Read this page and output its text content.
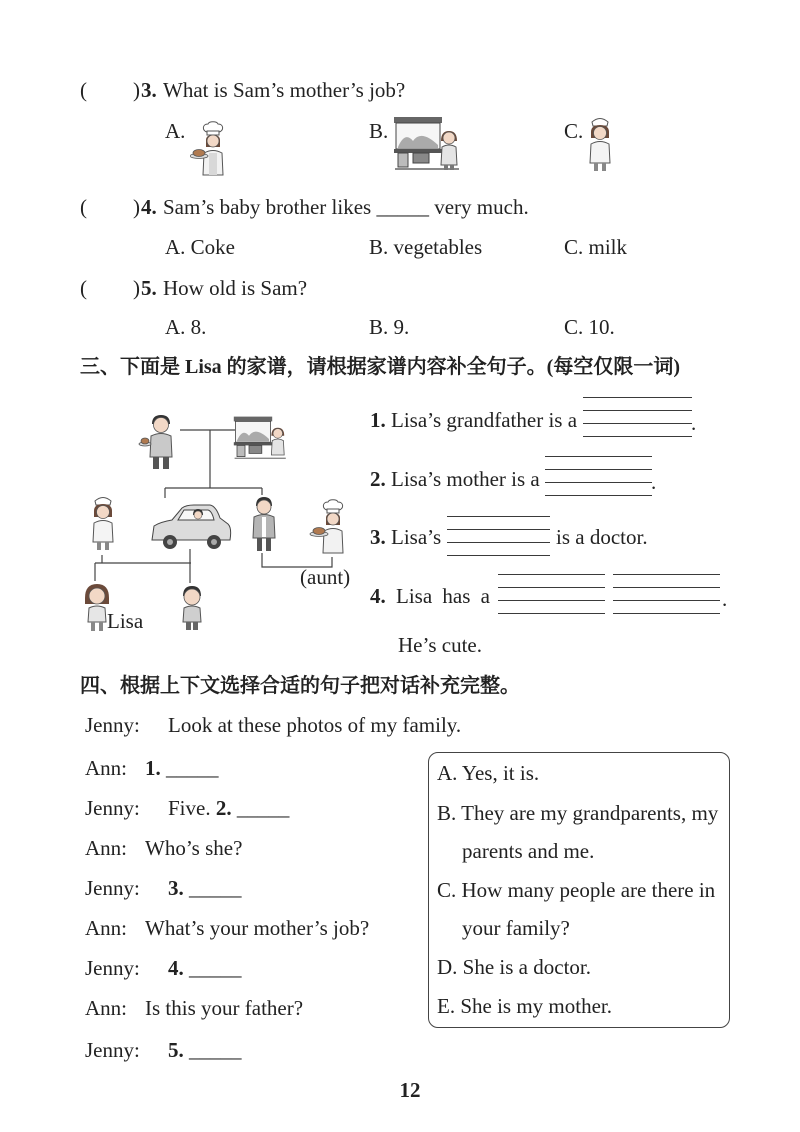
( ) 3. What is Sam’s mother’s job?
A.	B.	C.
( ) 4. Sam’s baby brother likes _____ very much.
A. Coke	B. vegetables	C. milk
( ) 5. How old is Sam?
A. 8.	B. 9.	C. 10.
三、下面是 Lisa 的家谱，请根据家谱内容补全句子。(每空仅限一词)
Lisa
(aunt)
1. Lisa’s grandfather is a	.
2. Lisa’s mother is a	.
3. Lisa’s	is a doctor.
4. Lisa has a	.
He’s cute.
四、根据上下文选择合适的句子把对话补充完整。
Jenny: Look at these photos of my family.
Ann: 1. _____
Jenny: Five. 2. _____
Ann: Who’s she?
Jenny: 3. _____
Ann: What’s your mother’s job?
Jenny: 4. _____
Ann: Is this your father?
Jenny: 5. _____
A. Yes, it is.
B. They are my grandparents, my
parents and me.
C. How many people are there in
your family?
D. She is a doctor.
E. She is my mother.
12
